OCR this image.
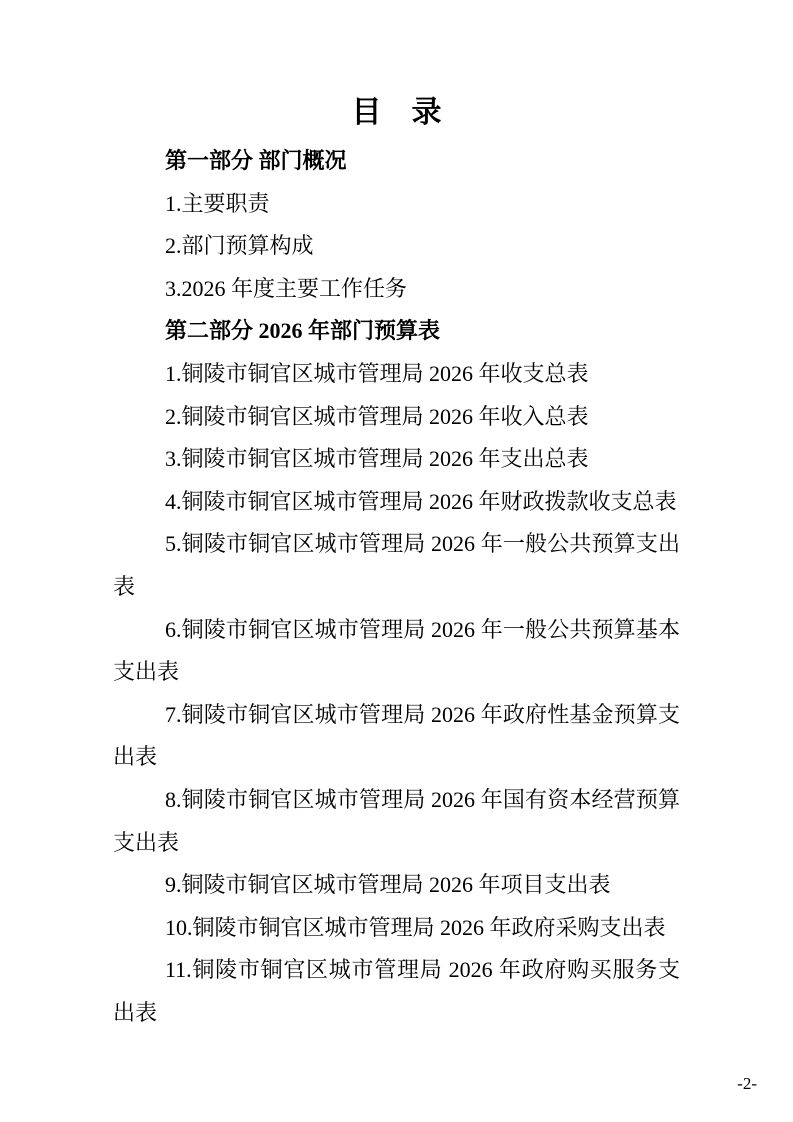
目　录

第一部分 部门概况

1.主要职责

2.部门预算构成

3.2026 年度主要工作任务

第二部分 2026 年部门预算表

1.铜陵市铜官区城市管理局 2026 年收支总表

2.铜陵市铜官区城市管理局 2026 年收入总表

3.铜陵市铜官区城市管理局 2026 年支出总表

4.铜陵市铜官区城市管理局 2026 年财政拨款收支总表

5.铜陵市铜官区城市管理局 2026 年一般公共预算支出表

6.铜陵市铜官区城市管理局 2026 年一般公共预算基本支出表

7.铜陵市铜官区城市管理局 2026 年政府性基金预算支出表

8.铜陵市铜官区城市管理局 2026 年国有资本经营预算支出表

9.铜陵市铜官区城市管理局 2026 年项目支出表

10.铜陵市铜官区城市管理局 2026 年政府采购支出表

11.铜陵市铜官区城市管理局 2026 年政府购买服务支出表

-2-
